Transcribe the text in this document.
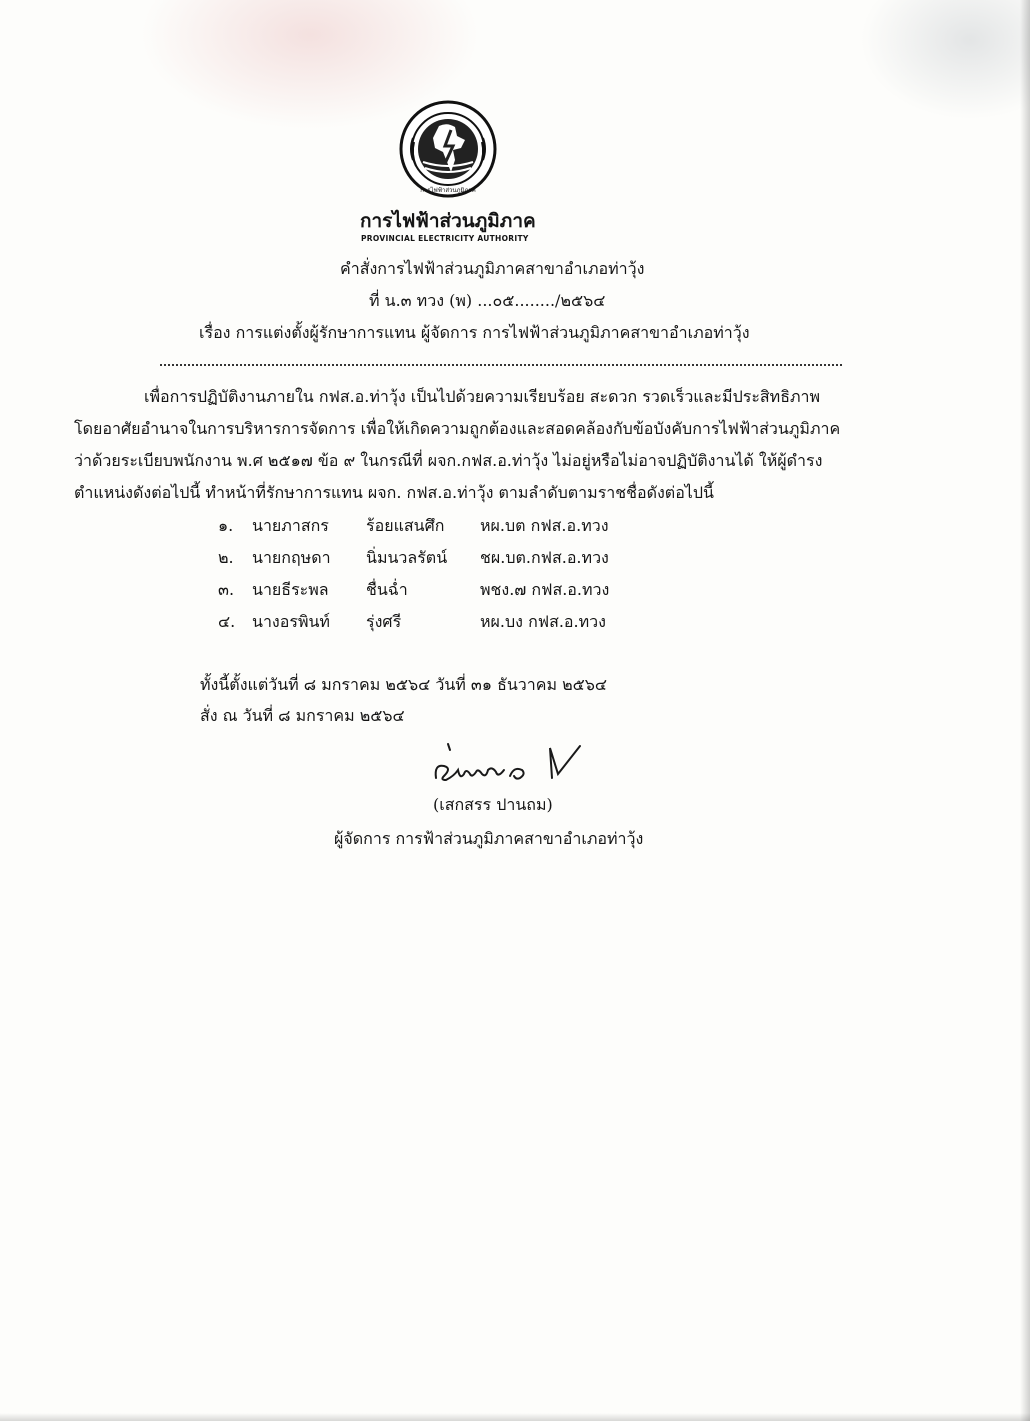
การไฟฟ้าส่วนภูมิภาค
การไฟฟ้าส่วนภูมิภาค
PROVINCIAL ELECTRICITY AUTHORITY
คำสั่งการไฟฟ้าส่วนภูมิภาคสาขาอำเภอท่าวุ้ง
ที่ น.๓ ทวง (พ) ...๐๕......../๒๕๖๔
เรื่อง การแต่งตั้งผู้รักษาการแทน ผู้จัดการ การไฟฟ้าส่วนภูมิภาคสาขาอำเภอท่าวุ้ง
เพื่อการปฏิบัติงานภายใน กฟส.อ.ท่าวุ้ง เป็นไปด้วยความเรียบร้อย สะดวก รวดเร็วและมีประสิทธิภาพ
โดยอาศัยอำนาจในการบริหารการจัดการ เพื่อให้เกิดความถูกต้องและสอดคล้องกับข้อบังคับการไฟฟ้าส่วนภูมิภาค
ว่าด้วยระเบียบพนักงาน พ.ศ ๒๕๑๗ ข้อ ๙ ในกรณีที่ ผจก.กฟส.อ.ท่าวุ้ง ไม่อยู่หรือไม่อาจปฏิบัติงานได้ ให้ผู้ดำรง
ตำแหน่งดังต่อไปนี้ ทำหน้าที่รักษาการแทน ผจก. กฟส.อ.ท่าวุ้ง ตามลำดับตามราชชื่อดังต่อไปนี้
๑. นายภาสกร ร้อยแสนศึก หผ.บต กฟส.อ.ทวง
๒. นายกฤษดา นิ่มนวลรัตน์ ชผ.บต.กฟส.อ.ทวง
๓. นายธีระพล ชื่นฉ่ำ	พชง.๗ กฟส.อ.ทวง
๔. นางอรพินท์ รุ่งศรี	หผ.บง กฟส.อ.ทวง
ทั้งนี้ตั้งแต่วันที่ ๘ มกราคม ๒๕๖๔ วันที่ ๓๑ ธันวาคม ๒๕๖๔
สั่ง ณ วันที่ ๘ มกราคม ๒๕๖๔
(เสกสรร ปานถม)
ผู้จัดการ การฟ้าส่วนภูมิภาคสาขาอำเภอท่าวุ้ง
